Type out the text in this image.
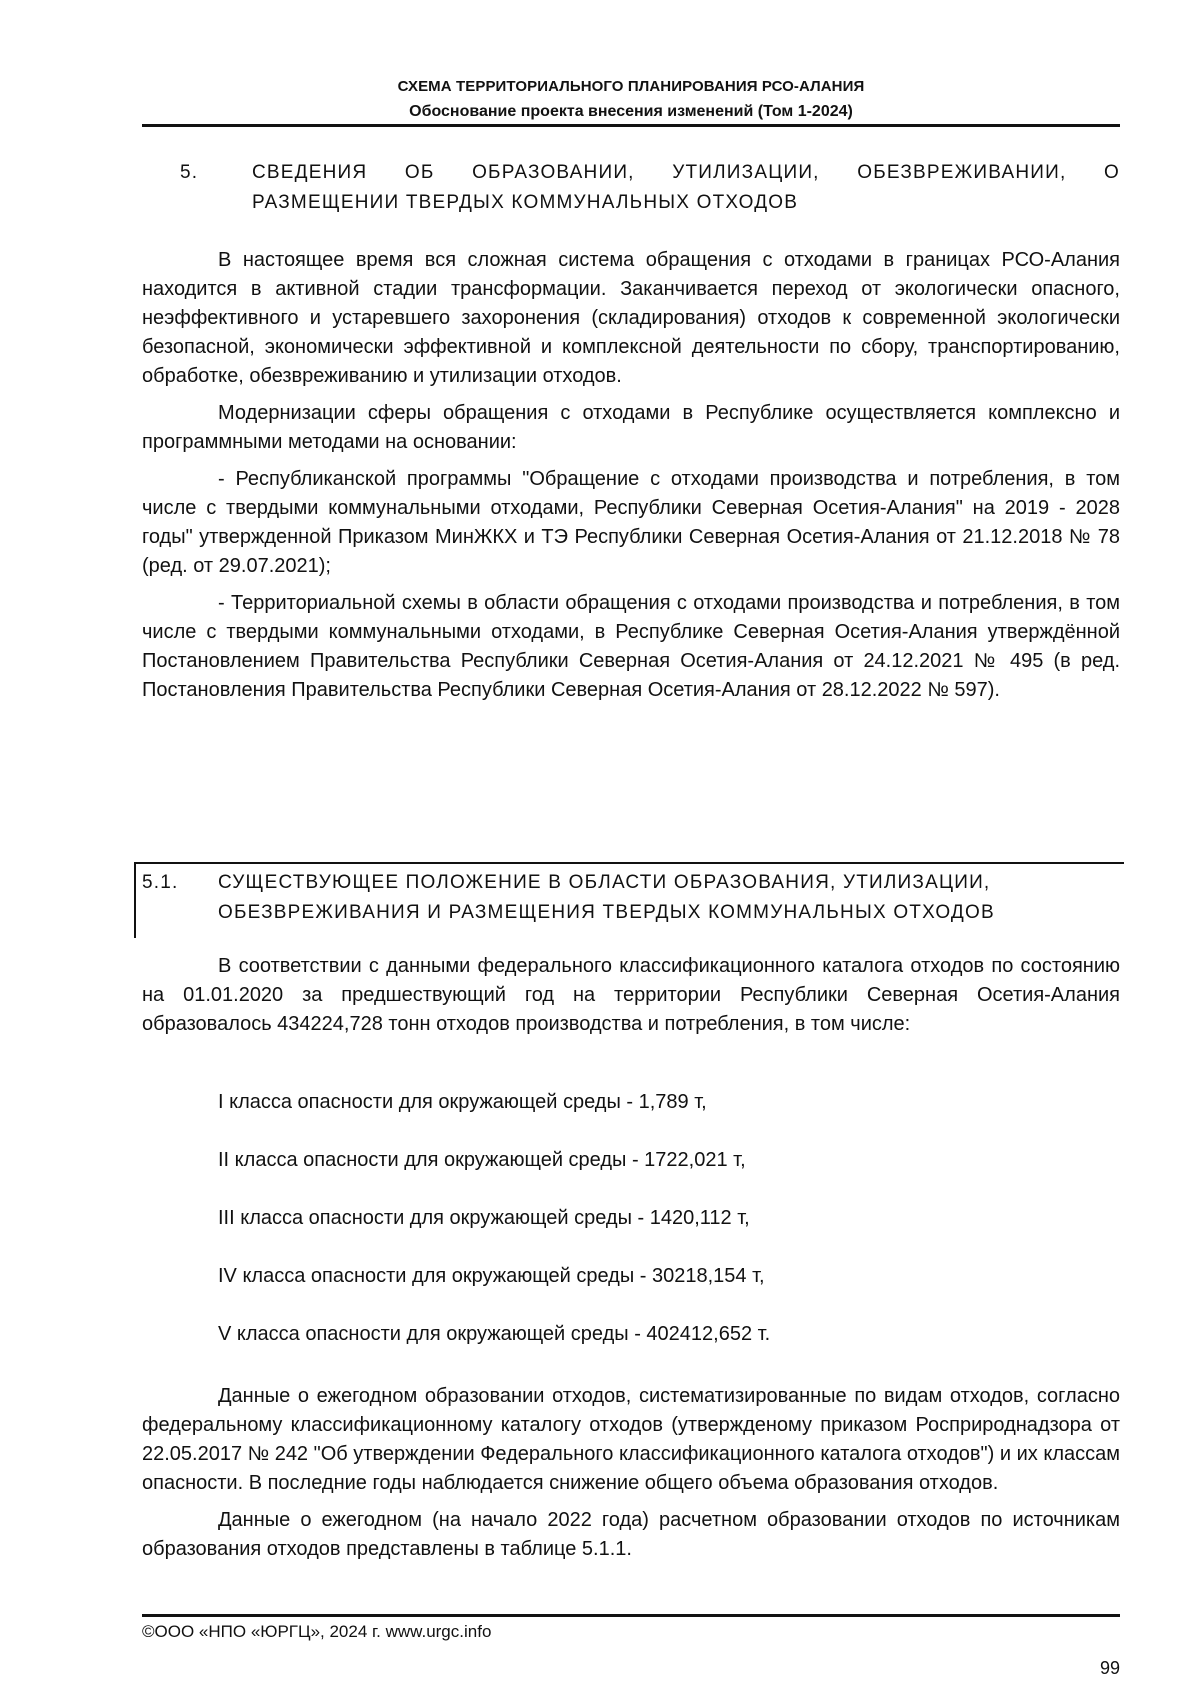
СХЕМА ТЕРРИТОРИАЛЬНОГО ПЛАНИРОВАНИЯ РСО-АЛАНИЯ
Обоснование проекта внесения изменений (Том 1-2024)
5.	СВЕДЕНИЯ ОБ ОБРАЗОВАНИИ, УТИЛИЗАЦИИ, ОБЕЗВРЕЖИВАНИИ, О
РАЗМЕЩЕНИИ ТВЕРДЫХ КОММУНАЛЬНЫХ ОТХОДОВ

В настоящее время вся сложная система обращения с отходами в границах РСО-Алания находится в активной стадии трансформации. Заканчивается переход от экологически опасного, неэффективного и устаревшего захоронения (складирования) отходов к современной экологически безопасной, экономически эффективной и комплексной деятельности по сбору, транспортированию, обработке, обезвреживанию и утилизации отходов.

Модернизации сферы обращения с отходами в Республике осуществляется комплексно и программными методами на основании:

- Республиканской программы "Обращение с отходами производства и потребления, в том числе с твердыми коммунальными отходами, Республики Северная Осетия-Алания" на 2019 - 2028 годы" утвержденной Приказом МинЖКХ и ТЭ Республики Северная Осетия-Алания от 21.12.2018 № 78 (ред. от 29.07.2021);

- Территориальной схемы в области обращения с отходами производства и потребления, в том числе с твердыми коммунальными отходами, в Республике Северная Осетия-Алания утверждённой Постановлением Правительства Республики Северная Осетия-Алания от 24.12.2021 № 495 (в ред. Постановления Правительства Республики Северная Осетия-Алания от 28.12.2022 № 597).

5.1. СУЩЕСТВУЮЩЕЕ ПОЛОЖЕНИЕ В ОБЛАСТИ ОБРАЗОВАНИЯ, УТИЛИЗАЦИИ,
ОБЕЗВРЕЖИВАНИЯ И РАЗМЕЩЕНИЯ ТВЕРДЫХ КОММУНАЛЬНЫХ ОТХОДОВ

В соответствии с данными федерального классификационного каталога отходов по состоянию на 01.01.2020 за предшествующий год на территории Республики Северная Осетия-Алания образовалось 434224,728 тонн отходов производства и потребления, в том числе:

I класса опасности для окружающей среды - 1,789 т,
II класса опасности для окружающей среды - 1722,021 т,
III класса опасности для окружающей среды - 1420,112 т,
IV класса опасности для окружающей среды - 30218,154 т,
V класса опасности для окружающей среды - 402412,652 т.

Данные о ежегодном образовании отходов, систематизированные по видам отходов, согласно федеральному классификационному каталогу отходов (утвержденому приказом Росприроднадзора от 22.05.2017 № 242 "Об утверждении Федерального классификационного каталога отходов") и их классам опасности. В последние годы наблюдается снижение общего объема образования отходов.

Данные о ежегодном (на начало 2022 года) расчетном образовании отходов по источникам образования отходов представлены в таблице 5.1.1.

©ООО «НПО «ЮРГЦ», 2024 г. www.urgc.info
99
